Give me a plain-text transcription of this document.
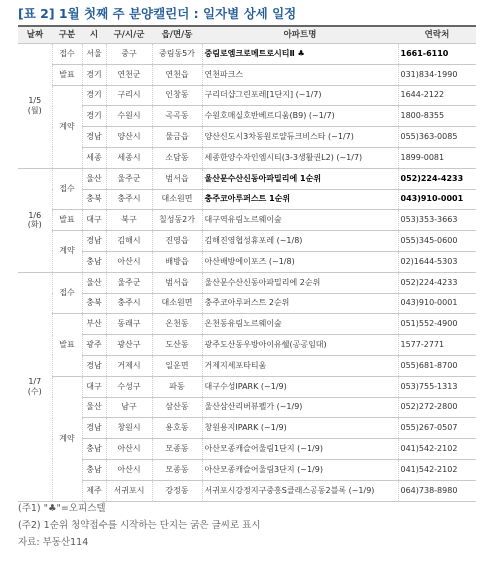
[표 2] 1월 첫째 주 분양캘린더 : 일자별 상세 일정
날짜	구분	시	구/시/군	읍/면/동	아파트명	연락처
1/5
(월)	접수	서울	중구	중림동5가	중림로엠크로메트로시티Ⅱ ♣	1661-6110
	발표	경기	연천군	연천읍	연천파크스	031)834-1990
	계약	경기	구리시	인창동	구리더샵그린포레[1단지] (~1/7)	1644-2122
		경기	수원시	곡곡동	수원호매실호반베르디움(B9) (~1/7)	1800-8355
		경남	양산시	물금읍	양산신도시3차동원로얄듀크비스타 (~1/7)	055)363-0085
		세종	세종시	소담동	세종한양수자인엠시티(3-3생활권L2) (~1/7)	1899-0081
1/6
(화)	접수	울산	울주군	범서읍	울산문수산신동아파밀리에 1순위	052)224-4233
		충북	충주시	대소원면	충주코아루퍼스트 1순위	043)910-0001
	발표	대구	북구	칠성동2가	대구역유림노르웨이숲	053)353-3663
	계약	경남	김해시	진영읍	김해진영협성휴포레 (~1/8)	055)345-0600
		충남	아산시	배방읍	아산배방에이포즈 (~1/8)	02)1644-5303
1/7
(수)	접수	울산	울주군	범서읍	울산문수산신동아파밀리에 2순위	052)224-4233
		충북	충주시	대소원면	충주코아루퍼스트 2순위	043)910-0001
	발표	부산	동래구	온천동	온천동유림노르웨이숲	051)552-4900
		광주	광산구	도산동	광주도산동우방아이유쉘(공공임대)	1577-2771
		경남	거제시	일운면	거제지세포타티움	055)681-8700
	계약	대구	수성구	파동	대구수성IPARK (~1/9)	053)755-1313
		울산	남구	삼산동	울산삼산리버뷰펠가 (~1/9)	052)272-2800
		경남	창원시	용호동	창원용지IPARK (~1/9)	055)267-0507
		충남	아산시	모종동	아산모종캐슬어울림1단지 (~1/9)	041)542-2102
		충남	아산시	모종동	아산모종캐슬어울림3단지 (~1/9)	041)542-2102
		제주	서귀포시	강정동	서귀포시강정지구중흥S클래스공동2블록 (~1/9)	064)738-8980
(주1) "♣"=오피스텔
(주2) 1순위 청약접수를 시작하는 단지는 굵은 글씨로 표시
자료: 부동산114
